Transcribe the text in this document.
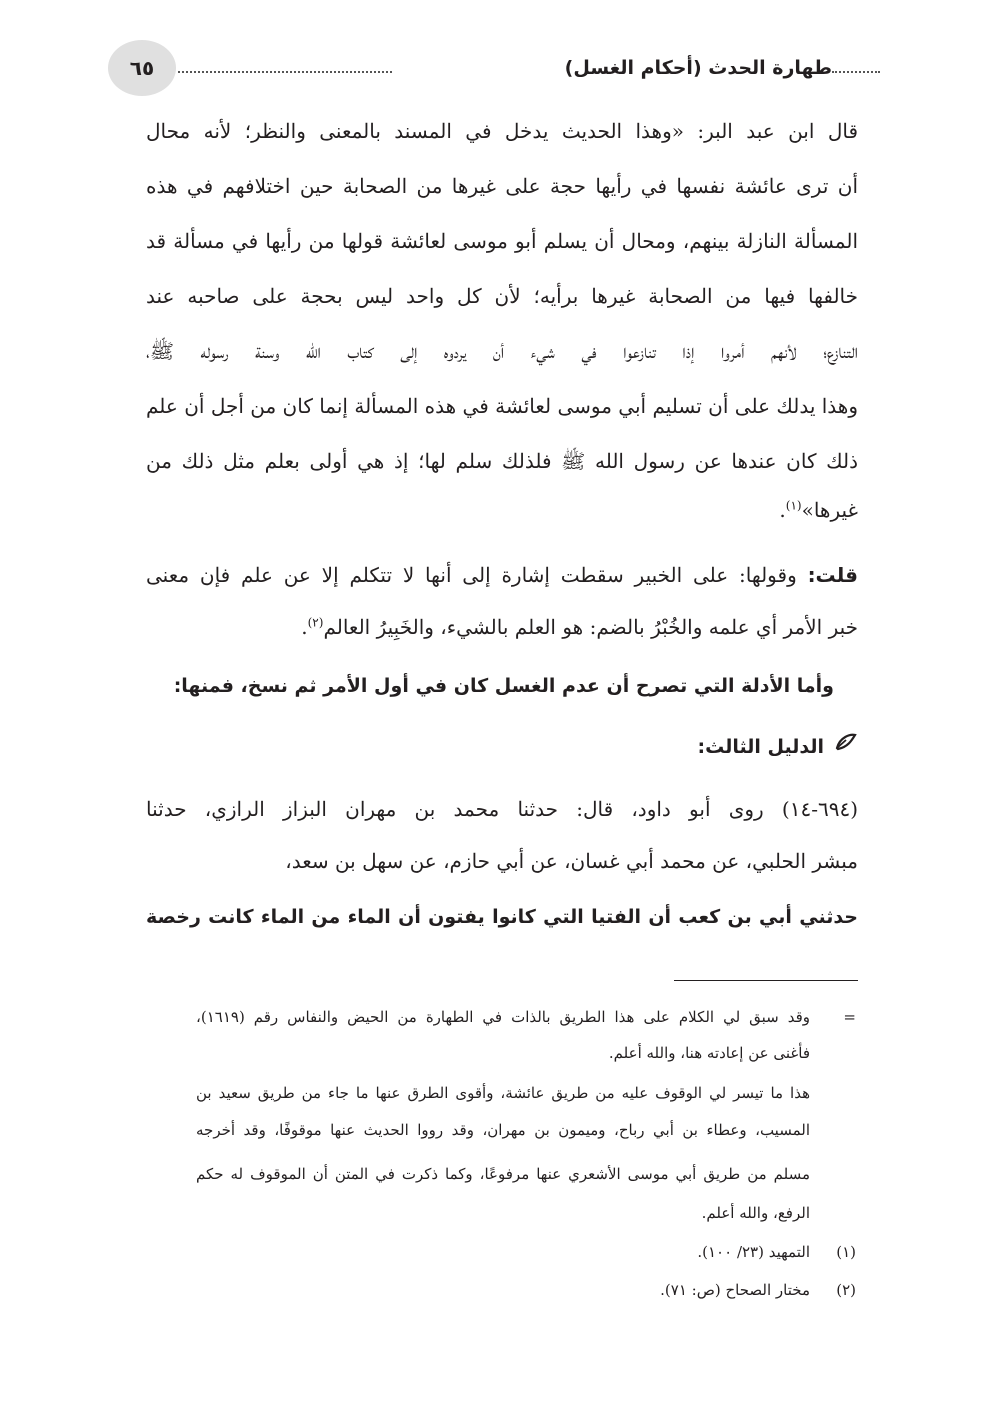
٦٥	طهارة الحدث (أحكام الغسل)
قال ابن عبد البر: «وهذا الحديث يدخل في المسند بالمعنى والنظر؛ لأنه محال
أن ترى عائشة نفسها في رأيها حجة على غيرها من الصحابة حين اختلافهم في هذه
المسألة النازلة بينهم، ومحال أن يسلم أبو موسى لعائشة قولها من رأيها في مسألة قد
خالفها فيها من الصحابة غيرها برأيه؛ لأن كل واحد ليس بحجة على صاحبه عند
التنازع؛ لأنهم أمروا إذا تنازعوا في شيء أن يردوه إلى كتاب الله وسنة رسوله ﷺ،
وهذا يدلك على أن تسليم أبي موسى لعائشة في هذه المسألة إنما كان من أجل أن علم
ذلك كان عندها عن رسول الله ﷺ فلذلك سلم لها؛ إذ هي أولى بعلم مثل ذلك من
غيرها»$^{(١)}$.
قلت: وقولها: على الخبير سقطت إشارة إلى أنها لا تتكلم إلا عن علم فإن معنى
خبر الأمر أي علمه والخُبْرُ بالضم: هو العلم بالشيء، والخَبِيرُ العالم$^{(٢)}$.
وأما الأدلة التي تصرح أن عدم الغسل كان في أول الأمر ثم نسخ، فمنها:
الدليل الثالث:
(٦٩٤-١٤) روى أبو داود، قال: حدثنا محمد بن مهران البزاز الرازي، حدثنا
مبشر الحلبي، عن محمد أبي غسان، عن أبي حازم، عن سهل بن سعد،
حدثني أبي بن كعب أن الفتيا التي كانوا يفتون أن الماء من الماء كانت رخصة
=
وقد سبق لي الكلام على هذا الطريق بالذات في الطهارة من الحيض والنفاس رقم (١٦١٩)،
فأغنى عن إعادته هنا، والله أعلم.
هذا ما تيسر لي الوقوف عليه من طريق عائشة، وأقوى الطرق عنها ما جاء من طريق سعيد بن
المسيب، وعطاء بن أبي رباح، وميمون بن مهران، وقد رووا الحديث عنها موقوفًا، وقد أخرجه
مسلم من طريق أبي موسى الأشعري عنها مرفوعًا، وكما ذكرت في المتن أن الموقوف له حكم
الرفع، والله أعلم.
(١)
التمهيد (٢٣/ ١٠٠).
(٢)
مختار الصحاح (ص: ٧١).
